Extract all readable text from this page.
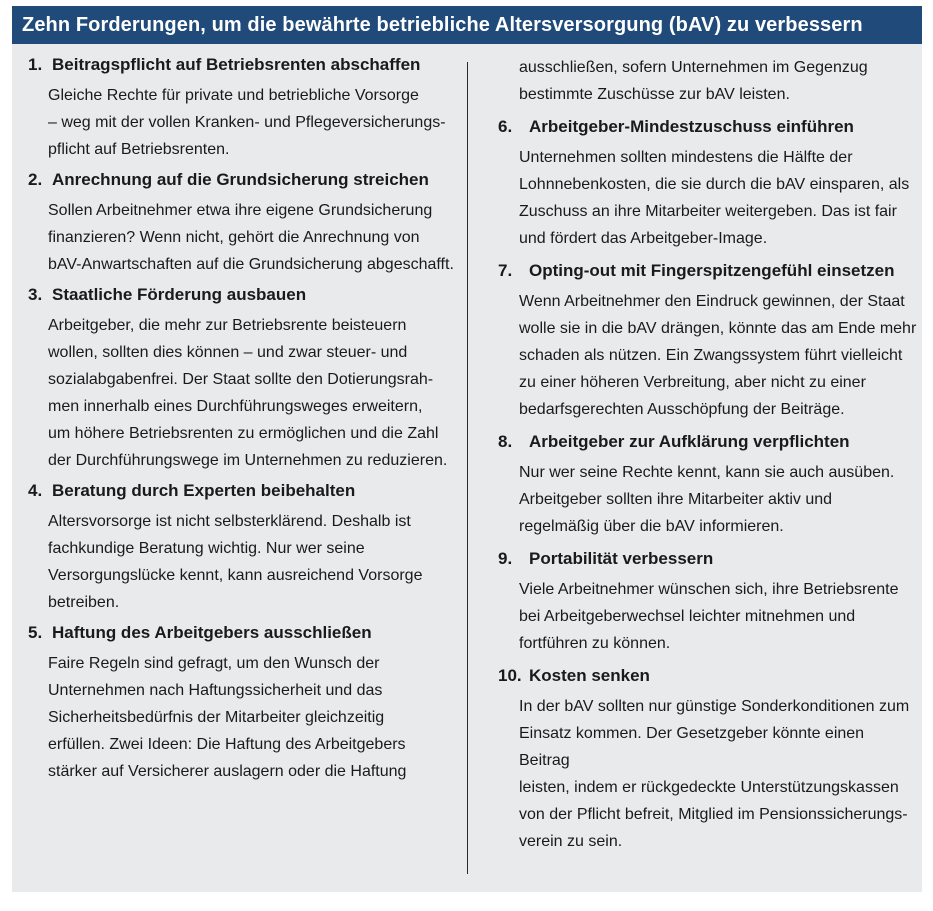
Zehn Forderungen, um die bewährte betriebliche Altersversorgung (bAV) zu verbessern
1. Beitragspflicht auf Betriebsrenten abschaffen

Gleiche Rechte für private und betriebliche Vorsorge
– weg mit der vollen Kranken- und Pflegeversicherungs-
pflicht auf Betriebsrenten.

2. Anrechnung auf die Grundsicherung streichen

Sollen Arbeitnehmer etwa ihre eigene Grundsicherung
finanzieren? Wenn nicht, gehört die Anrechnung von
bAV-Anwartschaften auf die Grundsicherung abgeschafft.

3. Staatliche Förderung ausbauen

Arbeitgeber, die mehr zur Betriebsrente beisteuern
wollen, sollten dies können – und zwar steuer- und
sozialabgabenfrei. Der Staat sollte den Dotierungsrah-
men innerhalb eines Durchführungsweges erweitern,
um höhere Betriebsrenten zu ermöglichen und die Zahl
der Durchführungswege im Unternehmen zu reduzieren.

4. Beratung durch Experten beibehalten

Altersvorsorge ist nicht selbsterklärend. Deshalb ist
fachkundige Beratung wichtig. Nur wer seine
Versorgungslücke kennt, kann ausreichend Vorsorge
betreiben.

5. Haftung des Arbeitgebers ausschließen

Faire Regeln sind gefragt, um den Wunsch der
Unternehmen nach Haftungssicherheit und das
Sicherheitsbedürfnis der Mitarbeiter gleichzeitig
erfüllen. Zwei Ideen: Die Haftung des Arbeitgebers
stärker auf Versicherer auslagern oder die Haftung

ausschließen, sofern Unternehmen im Gegenzug
bestimmte Zuschüsse zur bAV leisten.

6. Arbeitgeber-Mindestzuschuss einführen

Unternehmen sollten mindestens die Hälfte der
Lohnnebenkosten, die sie durch die bAV einsparen, als
Zuschuss an ihre Mitarbeiter weitergeben. Das ist fair
und fördert das Arbeitgeber-Image.

7. Opting-out mit Fingerspitzengefühl einsetzen

Wenn Arbeitnehmer den Eindruck gewinnen, der Staat
wolle sie in die bAV drängen, könnte das am Ende mehr
schaden als nützen. Ein Zwangssystem führt vielleicht
zu einer höheren Verbreitung, aber nicht zu einer
bedarfsgerechten Ausschöpfung der Beiträge.

8. Arbeitgeber zur Aufklärung verpflichten

Nur wer seine Rechte kennt, kann sie auch ausüben.
Arbeitgeber sollten ihre Mitarbeiter aktiv und
regelmäßig über die bAV informieren.

9. Portabilität verbessern

Viele Arbeitnehmer wünschen sich, ihre Betriebsrente
bei Arbeitgeberwechsel leichter mitnehmen und
fortführen zu können.

10. Kosten senken

In der bAV sollten nur günstige Sonderkonditionen zum
Einsatz kommen. Der Gesetzgeber könnte einen Beitrag
leisten, indem er rückgedeckte Unterstützungskassen
von der Pflicht befreit, Mitglied im Pensionssicherungs-
verein zu sein.
